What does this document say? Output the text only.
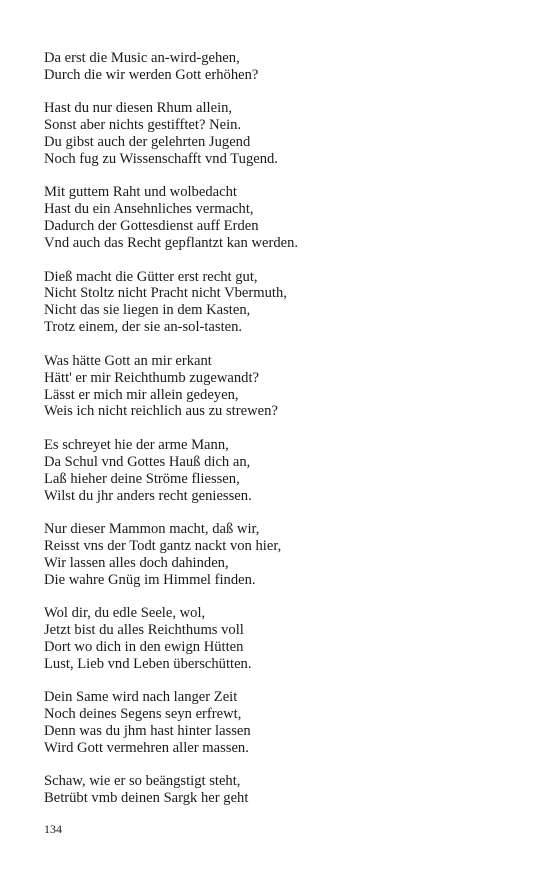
Da erst die Music an-wird-gehen,
Durch die wir werden Gott erhöhen?
Hast du nur diesen Rhum allein,
Sonst aber nichts gestifftet? Nein.
Du gibst auch der gelehrten Jugend
Noch fug zu Wissenschafft vnd Tugend.
Mit guttem Raht und wolbedacht
Hast du ein Ansehnliches vermacht,
Dadurch der Gottesdienst auff Erden
Vnd auch das Recht gepflantzt kan werden.
Dieß macht die Gütter erst recht gut,
Nicht Stoltz nicht Pracht nicht Vbermuth,
Nicht das sie liegen in dem Kasten,
Trotz einem, der sie an-sol-tasten.
Was hätte Gott an mir erkant
Hätt' er mir Reichthumb zugewandt?
Lässt er mich mir allein gedeyen,
Weis ich nicht reichlich aus zu strewen?
Es schreyet hie der arme Mann,
Da Schul vnd Gottes Hauß dich an,
Laß hieher deine Ströme fliessen,
Wilst du jhr anders recht geniessen.
Nur dieser Mammon macht, daß wir,
Reisst vns der Todt gantz nackt von hier,
Wir lassen alles doch dahinden,
Die wahre Gnüg im Himmel finden.
Wol dir, du edle Seele, wol,
Jetzt bist du alles Reichthums voll
Dort wo dich in den ewign Hütten
Lust, Lieb vnd Leben überschütten.
Dein Same wird nach langer Zeit
Noch deines Segens seyn erfrewt,
Denn was du jhm hast hinter lassen
Wird Gott vermehren aller massen.
Schaw, wie er so beängstigt steht,
Betrübt vmb deinen Sargk her geht
134
